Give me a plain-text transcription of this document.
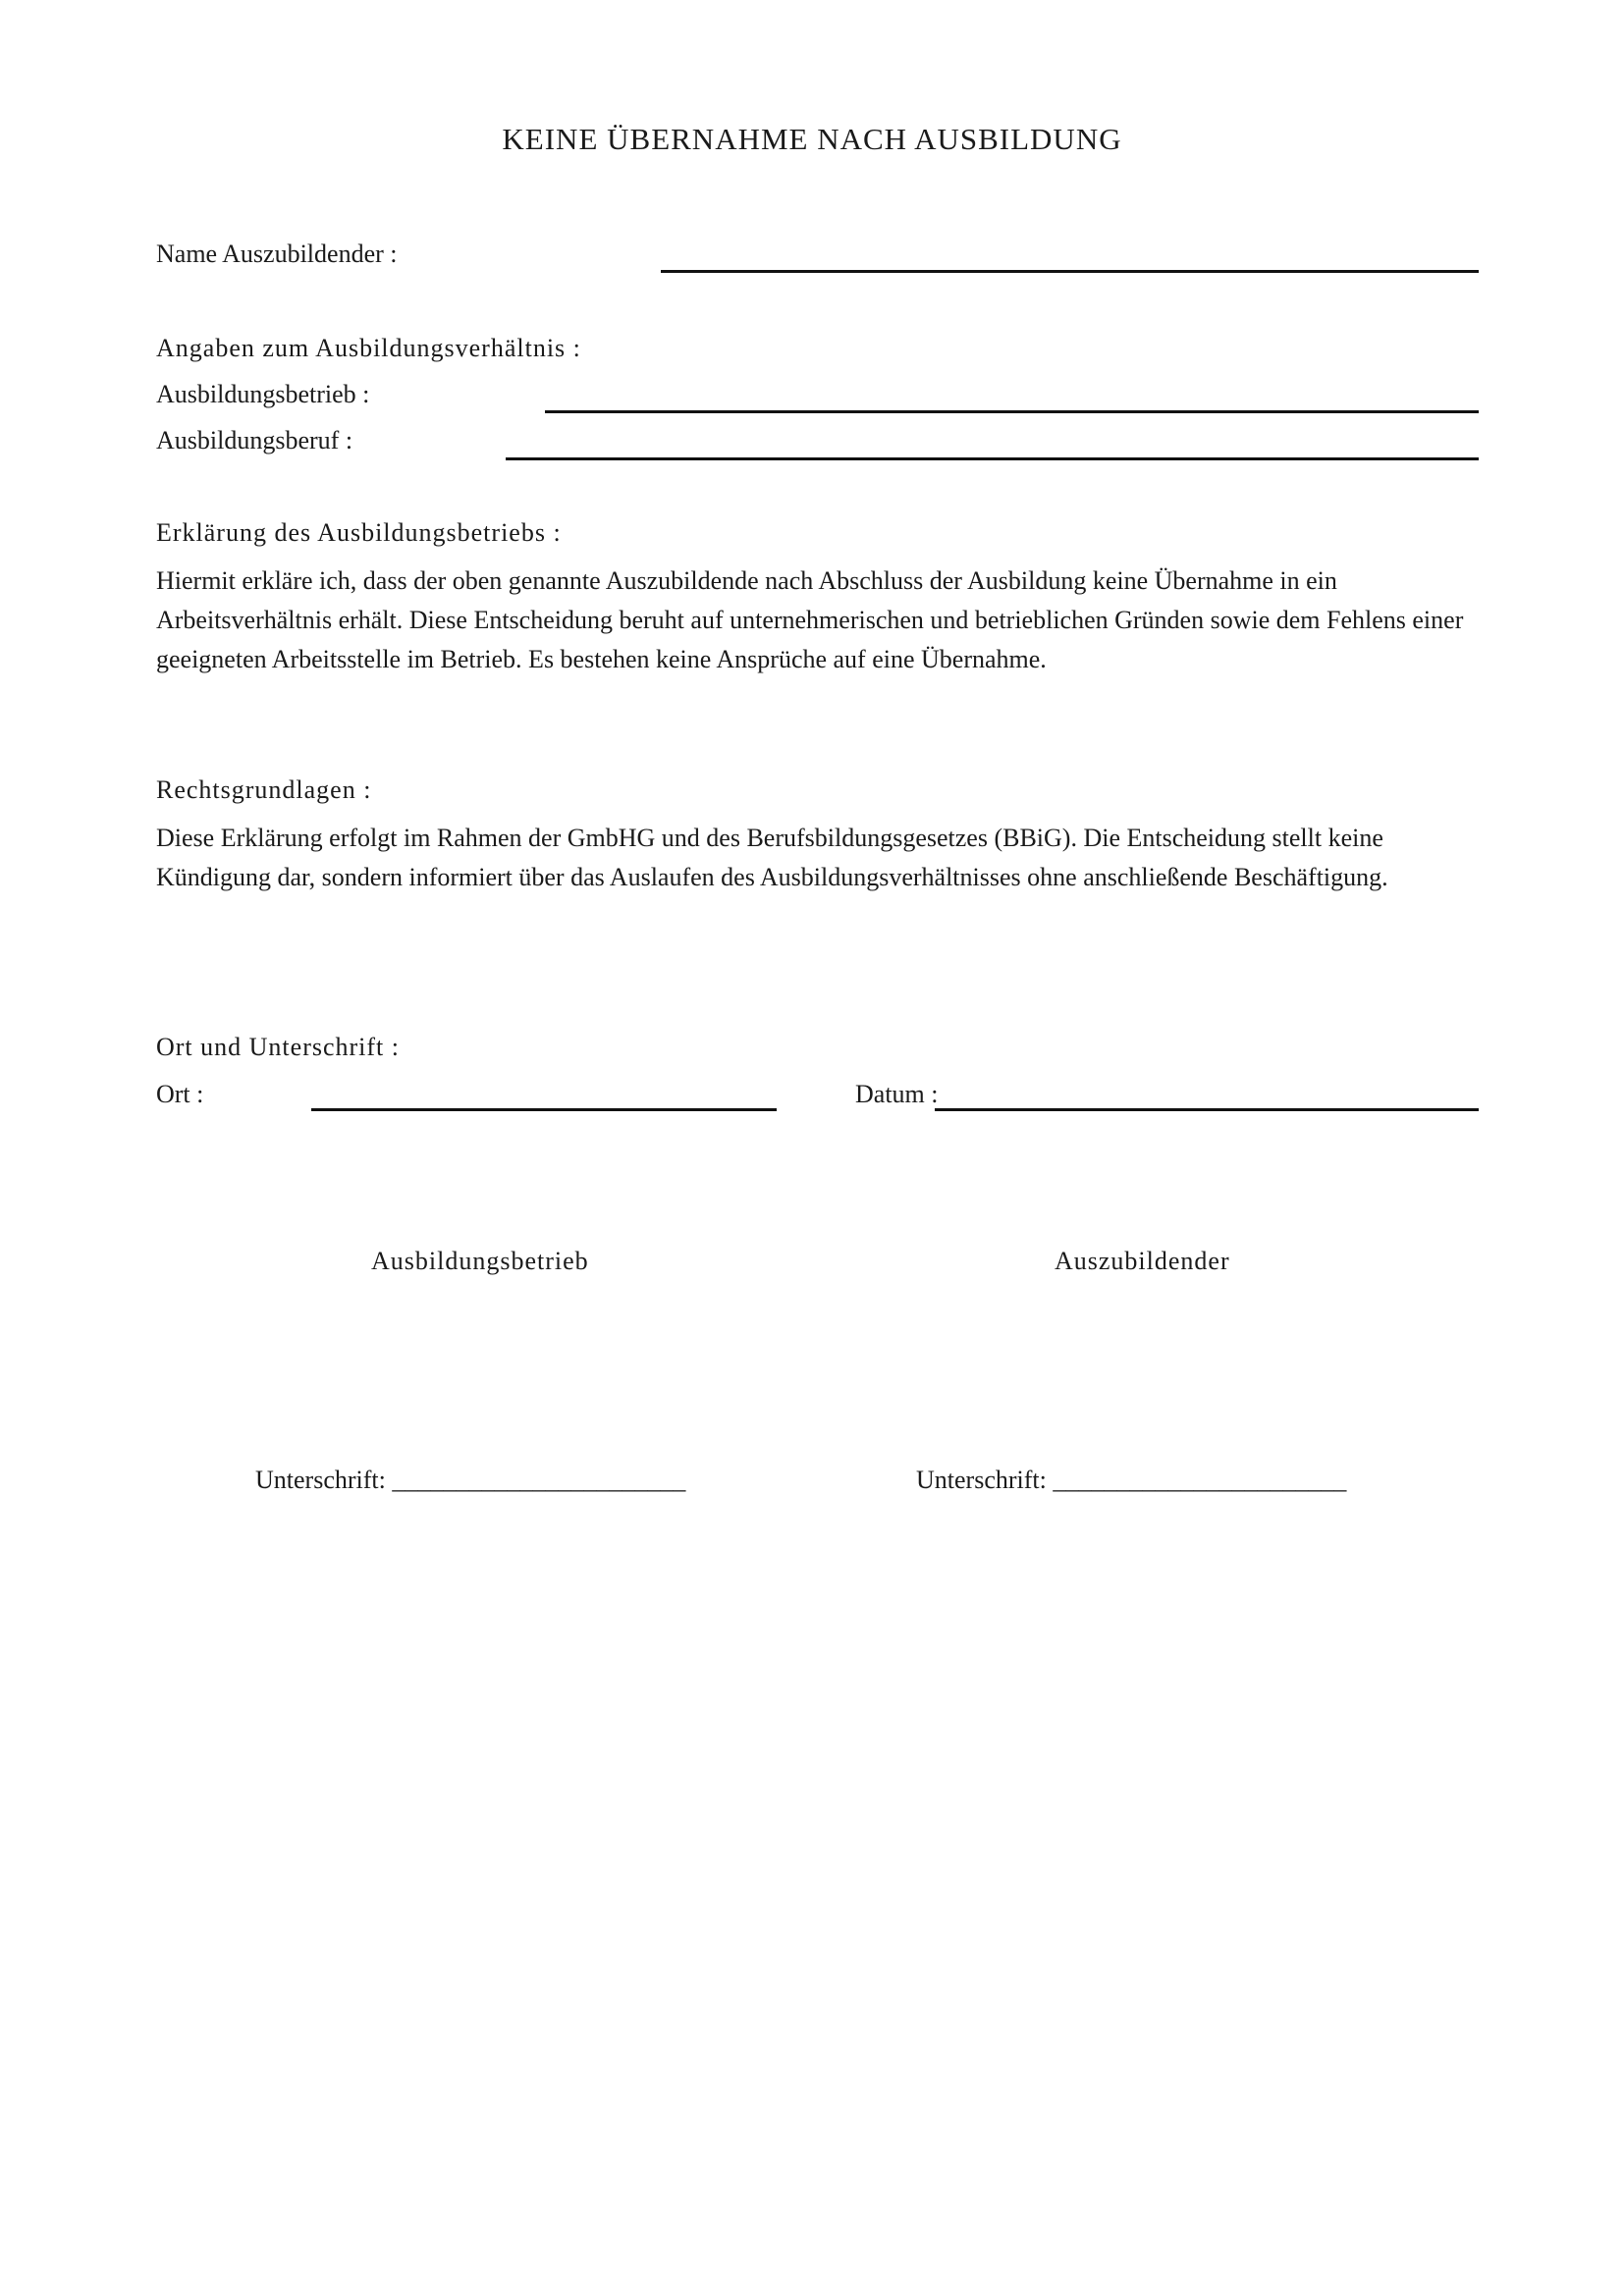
KEINE ÜBERNAHME NACH AUSBILDUNG
Name Auszubildender :
Angaben zum Ausbildungsverhältnis :
Ausbildungsbetrieb :
Ausbildungsberuf :
Erklärung des Ausbildungsbetriebs :
Hiermit erkläre ich, dass der oben genannte Auszubildende nach Abschluss der Ausbildung keine Übernahme in ein Arbeitsverhältnis erhält. Diese Entscheidung beruht auf unternehmerischen und betrieblichen Gründen sowie dem Fehlens einer geeigneten Arbeitsstelle im Betrieb. Es bestehen keine Ansprüche auf eine Übernahme.
Rechtsgrundlagen :
Diese Erklärung erfolgt im Rahmen der GmbHG und des Berufsbildungsgesetzes (BBiG). Die Entscheidung stellt keine Kündigung dar, sondern informiert über das Auslaufen des Ausbildungsverhältnisses ohne anschließende Beschäftigung.
Ort und Unterschrift :
Ort :	Datum :
Ausbildungsbetrieb	Auszubildender
Unterschrift: _______________________	Unterschrift: _______________________
